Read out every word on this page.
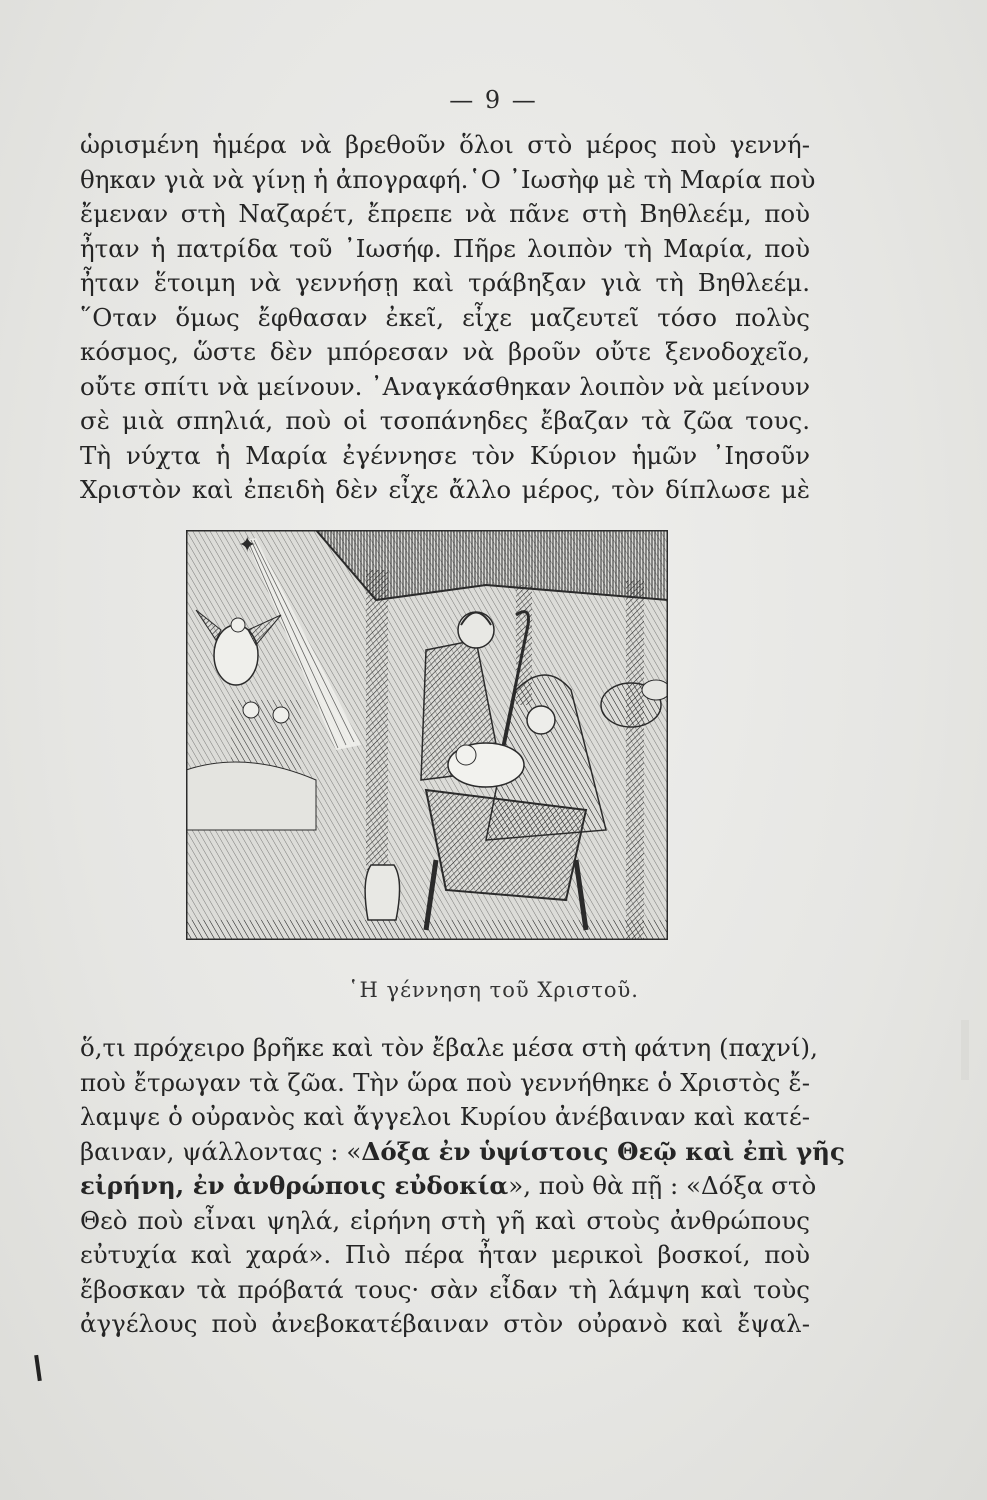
— 9 —
ὡρισμένη ἡμέρα νὰ βρεθοῦν ὅλοι στὸ μέρος ποὺ γεννή-
θηκαν γιὰ νὰ γίνῃ ἡ ἀπογραφή.῾Ο ᾿Ιωσὴφ μὲ τὴ Μαρία ποὺ
ἔμεναν στὴ Ναζαρέτ, ἔπρεπε νὰ πᾶνε στὴ Βηθλεέμ, ποὺ
ἦταν ἡ πατρίδα τοῦ ᾿Ιωσήφ. Πῆρε λοιπὸν τὴ Μαρία, ποὺ
ἦταν ἕτοιμη νὰ γεννήσῃ καὶ τράβηξαν γιὰ τὴ Βηθλεέμ.
῞Οταν ὅμως ἔφθασαν ἐκεῖ, εἶχε μαζευτεῖ τόσο πολὺς
κόσμος, ὥστε δὲν μπόρεσαν νὰ βροῦν οὔτε ξενοδοχεῖο,
οὔτε σπίτι νὰ μείνουν. ᾿Αναγκάσθηκαν λοιπὸν νὰ μείνουν
σὲ μιὰ σπηλιά, ποὺ οἱ τσοπάνηδες ἔβαζαν τὰ ζῶα τους.
Τὴ νύχτα ἡ Μαρία ἐγέννησε τὸν Κύριον ἡμῶν ᾿Ιησοῦν
Χριστὸν καὶ ἐπειδὴ δὲν εἶχε ἄλλο μέρος, τὸν δίπλωσε μὲ
✦
῾Η γέννηση τοῦ Χριστοῦ.
ὅ,τι πρόχειρο βρῆκε καὶ τὸν ἔβαλε μέσα στὴ φάτνη (παχνί),
ποὺ ἔτρωγαν τὰ ζῶα. Τὴν ὥρα ποὺ γεννήθηκε ὁ Χριστὸς ἔ-
λαμψε ὁ οὐρανὸς καὶ ἄγγελοι Κυρίου ἀνέβαιναν καὶ κατέ-
βαιναν, ψάλλοντας : «Δόξα ἐν ὑψίστοις Θεῷ καὶ ἐπὶ γῆς
εἰρήνη, ἐν ἀνθρώποις εὐδοκία», ποὺ θὰ πῇ : «Δόξα στὸ
Θεὸ ποὺ εἶναι ψηλά, εἰρήνη στὴ γῆ καὶ στοὺς ἀνθρώπους
εὐτυχία καὶ χαρά». Πιὸ πέρα ἦταν μερικοὶ βοσκοί, ποὺ
ἔβοσκαν τὰ πρόβατά τους· σὰν εἶδαν τὴ λάμψη καὶ τοὺς
ἀγγέλους ποὺ ἀνεβοκατέβαιναν στὸν οὐρανὸ καὶ ἔψαλ-
